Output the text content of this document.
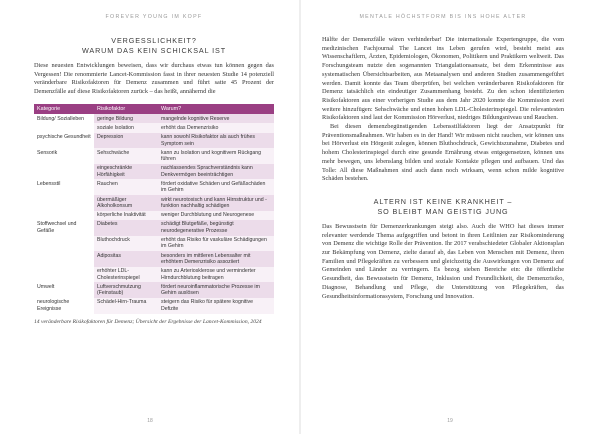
FOREVER YOUNG IM KOPF
VERGESSLICHKEIT?
WARUM DAS KEIN SCHICKSAL IST

Diese neuesten Entwicklungen beweisen, dass wir durchaus etwas tun können gegen das Vergessen! Die renommierte Lancet-Kommission fasst in ihrer neuesten Studie 14 potenziell veränderbare Risikofaktoren für Demenz zusammen und führt satte 45 Prozent der Demenzfälle auf diese Risikofaktoren zurück – das heißt, annähernd die

Kategorie	Risikofaktor	Warum?
Bildung/ Sozialleben	geringe Bildung	mangelnde kognitive Reserve
	soziale Isolation	erhöht das Demenzrisiko
psychische Gesundheit	Depression	kann sowohl Risikofaktor als auch frühes Symptom sein
Sensorik	Sehschwäche	kann zu Isolation und kognitivem Rückgang führen
	eingeschränkte Hörfähigkeit	nachlassendes Sprachverständnis kann Denkvermögen beeinträchtigen
Lebensstil	Rauchen	fördert oxidative Schäden und Gefäßschäden im Gehirn
	übermäßiger Alkoholkonsum	wirkt neurotoxisch und kann Hirnstruktur und -funktion nachhaltig schädigen
	körperliche Inaktivität	weniger Durchblutung und Neurogenese
Stoffwechsel und Gefäße	Diabetes	schädigt Blutgefäße, begünstigt neurodegenerative Prozesse
	Bluthochdruck	erhöht das Risiko für vaskuläre Schädigungen im Gehirn
	Adipositas	besonders im mittleren Lebensalter mit erhöhtem Demenzrisiko assoziiert
	erhöhter LDL-Cholesterinspiegel	kann zu Arteriosklerose und verminderter Hirndurchblutung beitragen
Umwelt	Luftverschmutzung (Feinstaub)	fördert neuroinflammatorische Prozesse im Gehirn auslösen
neurologische Ereignisse	Schädel-Hirn-Trauma	steigern das Risiko für spätere kognitive Defizite
14 veränderbare Risikofaktoren für Demenz; Übersicht der Ergebnisse der Lancet-Kommission, 2024
18
MENTALE HÖCHSTFORM BIS INS HOHE ALTER

Hälfte der Demenzfälle wären verhinderbar! Die internationale Expertengruppe, die vom medizinischen Fachjournal The Lancet ins Leben gerufen wird, besteht meist aus Wissenschaftlern, Ärzten, Epidemiologen, Ökonomen, Politikern und Praktikern weltweit. Das Forschungsteam nutzte den sogenannten Triangulationsansatz, bei dem Erkenntnisse aus systematischen Übersichtsarbeiten, aus Metaanalysen und anderen Studien zusammengeführt werden. Damit konnte das Team überprüfen, bei welchen veränderbaren Risikofaktoren für Demenz tatsächlich ein eindeutiger Zusammenhang besteht. Zu den schon identifizierten Risikofaktoren aus einer vorherigen Studie aus dem Jahr 2020 konnte die Kommission zwei weitere hinzufügen: Sehschwäche und einen hohen LDL-Cholesterinspiegel. Die relevantesten Risikofaktoren sind laut der Kommission Hörverlust, niedriges Bildungsniveau und Rauchen.

Bei diesen demenzbegünstigenden Lebensstilfaktoren liegt der Ansatzpunkt für Präventionsmaßnahmen. Wir haben es in der Hand! Wir müssen nicht rauchen, wir können uns bei Hörverlust ein Hörgerät zulegen, können Bluthochdruck, Gewichtszunahme, Diabetes und hohem Cholesterinspiegel durch eine gesunde Ernährung etwas entgegensetzen, können uns mehr bewegen, uns lebenslang bilden und soziale Kontakte pflegen und aufbauen. Und das Tolle: All diese Maßnahmen sind auch dann noch wirksam, wenn schon milde kognitive Schäden bestehen.

ALTERN IST KEINE KRANKHEIT –
SO BLEIBT MAN GEISTIG JUNG

Das Bewusstsein für Demenzerkrankungen steigt also. Auch die WHO hat dieses immer relevanter werdende Thema aufgegriffen und betont in ihren Leitlinien zur Risikominderung von Demenz die wichtige Rolle der Prävention. Ihr 2017 verabschiedeter Globaler Aktionsplan zur Bekämpfung von Demenz, zielte darauf ab, das Leben von Menschen mit Demenz, ihren Familien und Pflegekräften zu verbessern und gleichzeitig die Auswirkungen von Demenz auf Gemeinden und Länder zu verringern. Es bezog sieben Bereiche ein: die öffentliche Gesundheit, das Bewusstsein für Demenz, Inklusion und Freundlichkeit, die Demenzrisiko, Diagnose, Behandlung und Pflege, die Unterstützung von Pflegekräften, das Gesundheitsinformationssystem, Forschung und Innovation.

19
